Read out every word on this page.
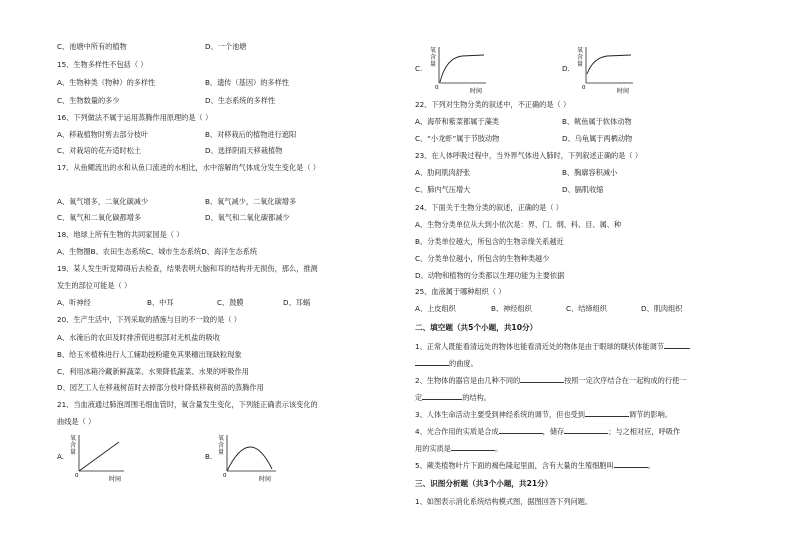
C、池塘中所有的植物	D、一个池塘
15、生物多样性不包括（ ）
A、生物种类（物种）的多样性	B、遗传（基因）的多样性
C、生物数量的多少	D、生态系统的多样性
16、下列做法不属于运用蒸腾作用原理的是（ ）
A、移栽植物时剪去部分枝叶	B、对移栽后的植物进行遮阳
C、对栽培的花卉适时松土	D、选择阴雨天移栽植物
17、从鱼鳃流出的水和从鱼口流进的水相比，水中溶解的气体成分发生变化是（ ）
A、氧气增多，二氧化碳减少	B、氧气减少，二氧化碳增多
C、氧气和二氧化碳都增多	D、氧气和二氧化碳都减少
18、地球上所有生物的共同家园是（ ）
A、生物圈B、农田生态系统C、城市生态系统D、海洋生态系统
19、某人发生听觉障碍后去检查，结果表明大脑和耳的结构并无损伤，那么，推测
发生的部位可能是（ ）
A、听神经	B、中耳	C、鼓膜	D、耳蜗
20、生产生活中，下列采取的措施与目的不一致的是（ ）
A、水淹后的农田及时排涝促进根部对无机盐的吸收
B、给玉米植株进行人工辅助授粉避免其果穗出现缺粒现象
C、利用冰箱冷藏新鲜蔬菜、水果降低蔬菜、水果的呼吸作用
D、园艺工人在移栽树苗时去掉部分枝叶降低移栽树苗的蒸腾作用
21、当血液通过肺泡周围毛细血管时，氧含量发生变化，下列能正确表示该变化的
曲线是（ ）
A.
氧
含
量
0	时间
B.
氧
含
量
0	时间
C.
氧
含
量
0	时间
D.
氧
含
量
0	时间
22、下列对生物分类的叙述中，不正确的是（ ）
A、海带和紫菜都属于藻类	B、鱿鱼属于软体动物
C、“小龙虾”属于节肢动物	D、乌龟属于两栖动物
23、在人体呼吸过程中，当外界气体进入肺时，下列叙述正确的是（ ）
A、肋间肌肉舒张	B、胸廓容积减小
C、肺内气压增大	D、膈肌收缩
24、下面关于生物分类的叙述，正确的是（ ）
A、生物分类单位从大到小依次是：界、门、纲、科、目、属、种
B、分类单位越大，所包含的生物亲缘关系越近
C、分类单位越小，所包含的生物种类越少
D、动物和植物的分类都以生理功能为主要依据
25、血液属于哪种组织（ ）
A、上皮组织	B、神经组织	C、结缔组织	D、肌肉组织
二、填空题（共5个小题，共10分）
1、正常人既能看清远处的物体也能看清近处的物体是由于眼球的睫状体能调节
的曲度。
2、生物体的器官是由几种不同的	按照一定次序结合在一起构成的行使一
定	的结构。
3、人体生命活动主要受到神经系统的调节，但也受到	调节的影响。
4、光合作用的实质是合成	，储存	；与之相对应，呼吸作
用的实质是	。
5、蕨类植物叶片下面的褐色隆起里面，含有大量的生殖细胞叫	。
三、识图分析题（共3个小题，共21分）
1、如图表示消化系统结构模式图，据图回答下列问题。
